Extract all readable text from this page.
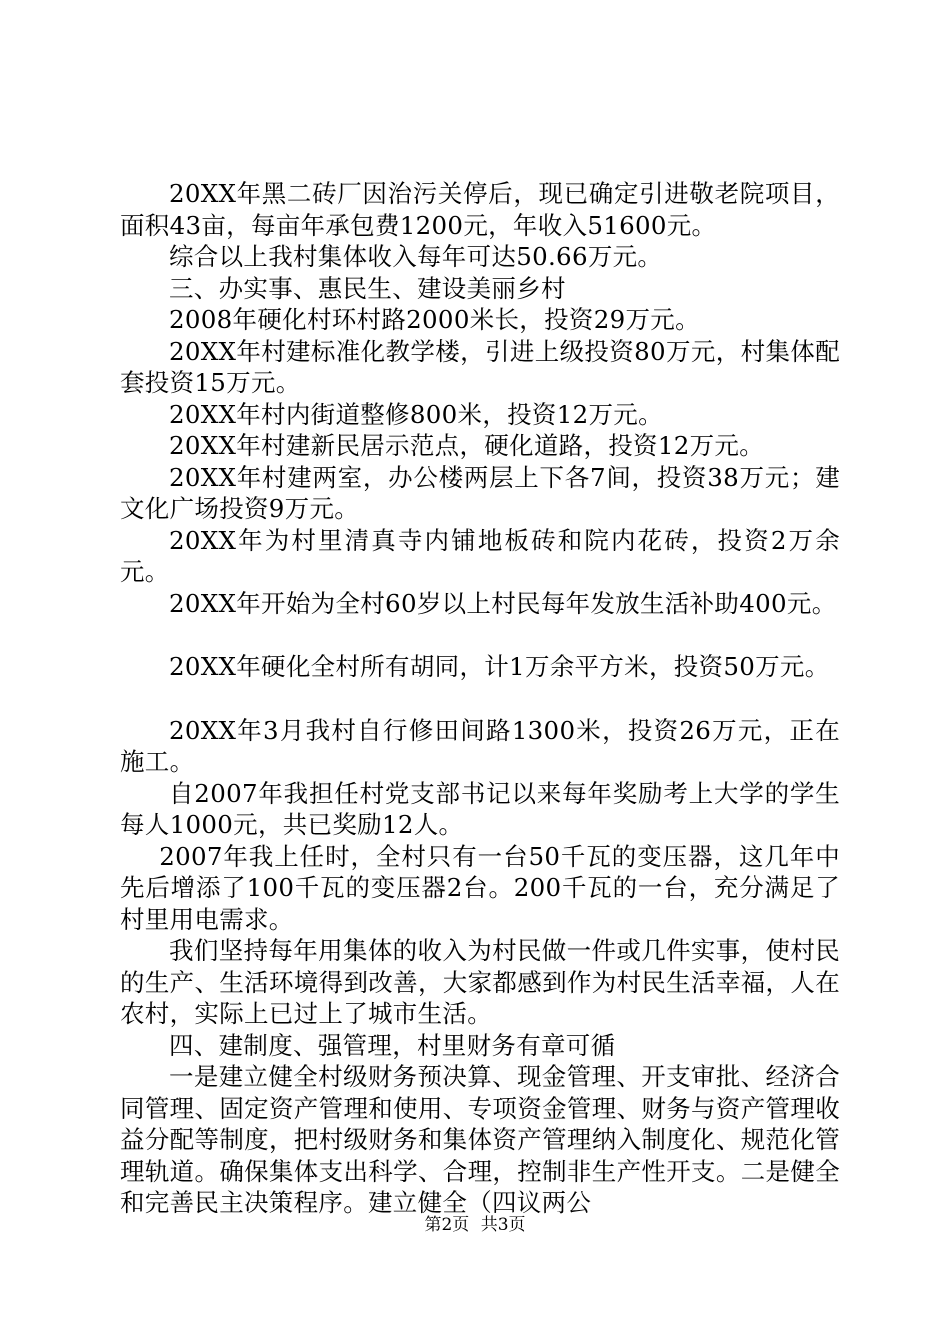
20XX年黑二砖厂因治污关停后，现已确定引进敬老院项目，面积43亩，每亩年承包费1200元，年收入51600元。

综合以上我村集体收入每年可达50.66万元。

三、办实事、惠民生、建设美丽乡村

2008年硬化村环村路2000米长，投资29万元。

20XX年村建标准化教学楼，引进上级投资80万元，村集体配套投资15万元。

20XX年村内街道整修800米，投资12万元。

20XX年村建新民居示范点，硬化道路，投资12万元。

20XX年村建两室，办公楼两层上下各7间，投资38万元；建文化广场投资9万元。

20XX年为村里清真寺内铺地板砖和院内花砖，投资2万余元。

20XX年开始为全村60岁以上村民每年发放生活补助400元。

20XX年硬化全村所有胡同，计1万余平方米，投资50万元。

20XX年3月我村自行修田间路1300米，投资26万元，正在施工。

自2007年我担任村党支部书记以来每年奖励考上大学的学生每人1000元，共已奖励12人。

2007年我上任时，全村只有一台50千瓦的变压器，这几年中先后增添了100千瓦的变压器2台。200千瓦的一台，充分满足了村里用电需求。

我们坚持每年用集体的收入为村民做一件或几件实事，使村民的生产、生活环境得到改善，大家都感到作为村民生活幸福，人在农村，实际上已过上了城市生活。

四、建制度、强管理，村里财务有章可循

一是建立健全村级财务预决算、现金管理、开支审批、经济合同管理、固定资产管理和使用、专项资金管理、财务与资产管理收益分配等制度，把村级财务和集体资产管理纳入制度化、规范化管理轨道。确保集体支出科学、合理，控制非生产性开支。二是健全和完善民主决策程序。建立健全（四议两公

第2页 共3页
